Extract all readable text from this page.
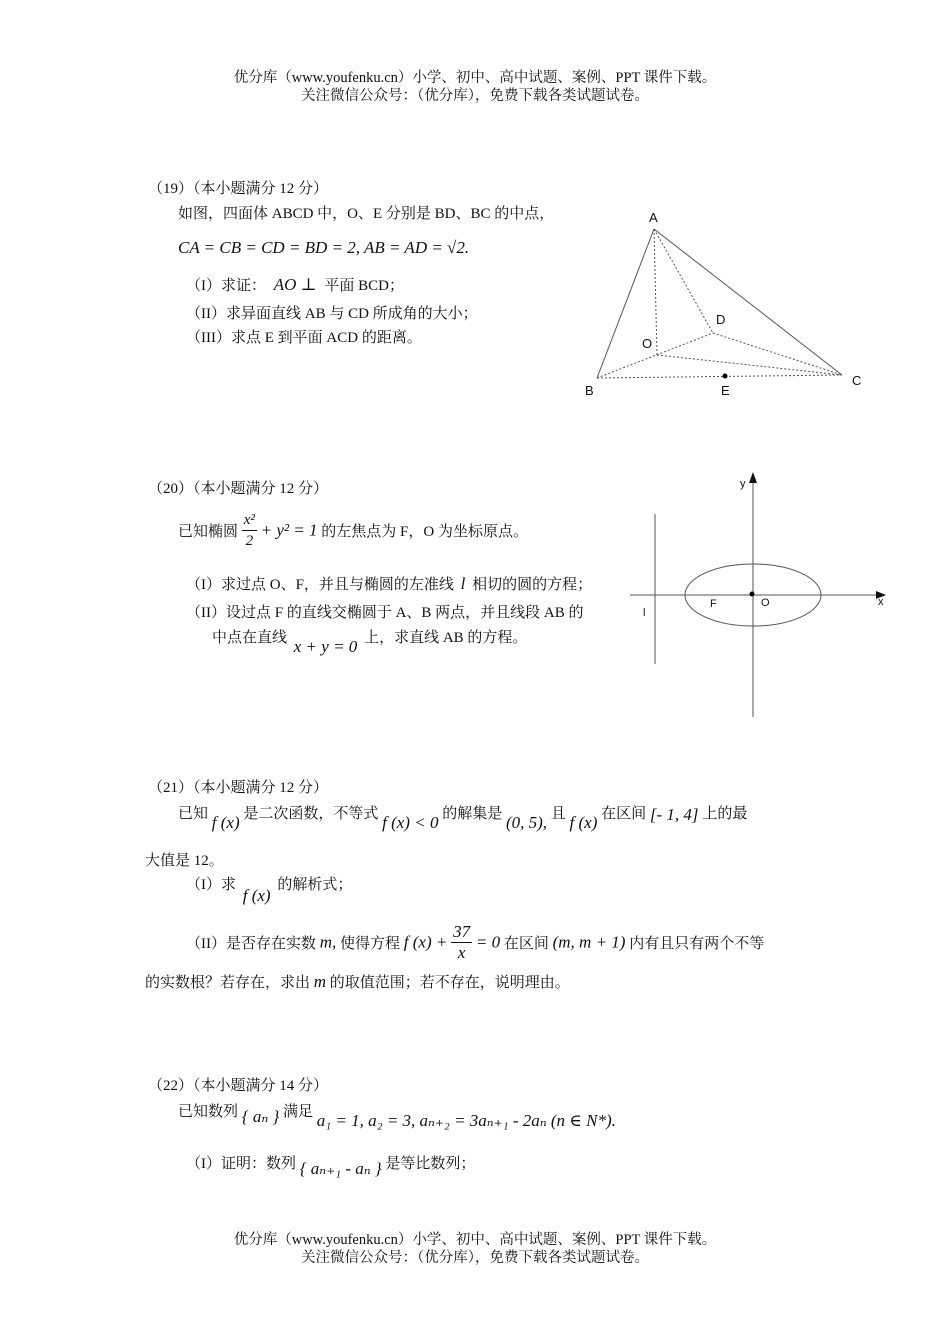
优分库（www.youfenku.cn）小学、初中、高中试题、案例、PPT 课件下载。
关注微信公众号：（优分库），免费下载各类试题试卷。
（19）（本小题满分 12 分）
如图，四面体 ABCD 中，O、E 分别是 BD、BC 的中点，
CA = CB = CD = BD = 2, AB = AD = √2.
（I）求证： AO ⊥ 平面 BCD；
（II）求异面直线 AB 与 CD 所成角的大小；
（III）求点 E 到平面 ACD 的距离。
A
B
C
D
O
E
（20）（本小题满分 12 分）
已知椭圆 $\frac{\text{x²}}{2} + y^2 = 1$ 的左焦点为 F，O 为坐标原点。
（I）求过点 O、F，并且与椭圆的左准线 l 相切的圆的方程；
（II）设过点 F 的直线交椭圆于 A、B 两点，并且线段 AB 的
中点在直线 x + y = 0 上，求直线 AB 的方程。
y
x
F	O
l
（21）（本小题满分 12 分）
已知 f (x) 是二次函数，不等式 f (x) < 0 的解集是 (0, 5), 且 f (x) 在区间 [- 1, 4] 上的最
大值是 12。
（I）求 f (x) 的解析式；
（II）是否存在实数 m, 使得方程 f $(x) + \frac{37}{x} = 0$ 在区间 (m, m + 1) 内有且只有两个不等
的实数根？若存在，求出 m 的取值范围；若不存在，说明理由。
（22）（本小题满分 14 分）
已知数列 { aₙ } 满足 a₁ = 1, a₂ = 3, aₙ₊₂ = 3aₙ₊₁ - 2aₙ (n ∈ N*).
（I）证明：数列 { aₙ₊₁ - aₙ } 是等比数列；
优分库（www.youfenku.cn）小学、初中、高中试题、案例、PPT 课件下载。
关注微信公众号：（优分库），免费下载各类试题试卷。
